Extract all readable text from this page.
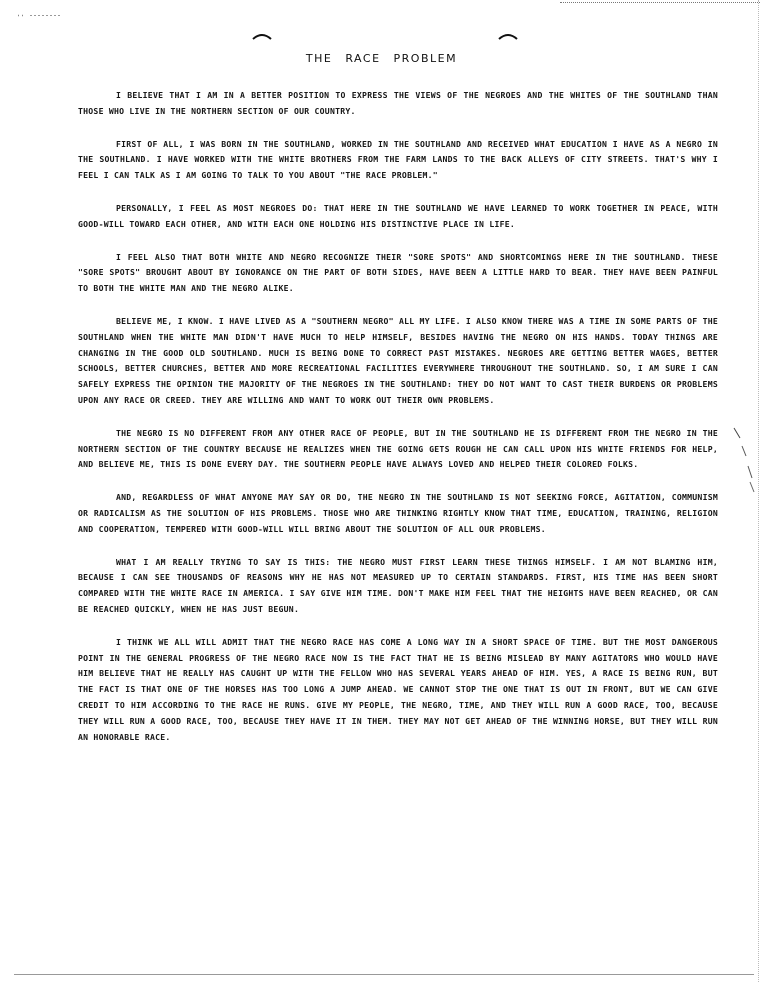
THE RACE PROBLEM

I BELIEVE THAT I AM IN A BETTER POSITION TO EXPRESS THE VIEWS OF THE NEGROES AND THE WHITES OF THE SOUTHLAND THAN THOSE WHO LIVE IN THE NORTHERN SECTION OF OUR COUNTRY.

FIRST OF ALL, I WAS BORN IN THE SOUTHLAND, WORKED IN THE SOUTHLAND AND RECEIVED WHAT EDUCATION I HAVE AS A NEGRO IN THE SOUTHLAND. I HAVE WORKED WITH THE WHITE BROTHERS FROM THE FARM LANDS TO THE BACK ALLEYS OF CITY STREETS. THAT'S WHY I FEEL I CAN TALK AS I AM GOING TO TALK TO YOU ABOUT "THE RACE PROBLEM."

PERSONALLY, I FEEL AS MOST NEGROES DO: THAT HERE IN THE SOUTHLAND WE HAVE LEARNED TO WORK TOGETHER IN PEACE, WITH GOOD-WILL TOWARD EACH OTHER, AND WITH EACH ONE HOLDING HIS DISTINCTIVE PLACE IN LIFE.

I FEEL ALSO THAT BOTH WHITE AND NEGRO RECOGNIZE THEIR "SORE SPOTS" AND SHORTCOMINGS HERE IN THE SOUTHLAND. THESE "SORE SPOTS" BROUGHT ABOUT BY IGNORANCE ON THE PART OF BOTH SIDES, HAVE BEEN A LITTLE HARD TO BEAR. THEY HAVE BEEN PAINFUL TO BOTH THE WHITE MAN AND THE NEGRO ALIKE.

BELIEVE ME, I KNOW. I HAVE LIVED AS A "SOUTHERN NEGRO" ALL MY LIFE. I ALSO KNOW THERE WAS A TIME IN SOME PARTS OF THE SOUTHLAND WHEN THE WHITE MAN DIDN'T HAVE MUCH TO HELP HIMSELF, BESIDES HAVING THE NEGRO ON HIS HANDS. TODAY THINGS ARE CHANGING IN THE GOOD OLD SOUTHLAND. MUCH IS BEING DONE TO CORRECT PAST MISTAKES. NEGROES ARE GETTING BETTER WAGES, BETTER SCHOOLS, BETTER CHURCHES, BETTER AND MORE RECREATIONAL FACILITIES EVERYWHERE THROUGHOUT THE SOUTHLAND. SO, I AM SURE I CAN SAFELY EXPRESS THE OPINION THE MAJORITY OF THE NEGROES IN THE SOUTHLAND: THEY DO NOT WANT TO CAST THEIR BURDENS OR PROBLEMS UPON ANY RACE OR CREED. THEY ARE WILLING AND WANT TO WORK OUT THEIR OWN PROBLEMS.

THE NEGRO IS NO DIFFERENT FROM ANY OTHER RACE OF PEOPLE, BUT IN THE SOUTHLAND HE IS DIFFERENT FROM THE NEGRO IN THE NORTHERN SECTION OF THE COUNTRY BECAUSE HE REALIZES WHEN THE GOING GETS ROUGH HE CAN CALL UPON HIS WHITE FRIENDS FOR HELP, AND BELIEVE ME, THIS IS DONE EVERY DAY. THE SOUTHERN PEOPLE HAVE ALWAYS LOVED AND HELPED THEIR COLORED FOLKS.

AND, REGARDLESS OF WHAT ANYONE MAY SAY OR DO, THE NEGRO IN THE SOUTHLAND IS NOT SEEKING FORCE, AGITATION, COMMUNISM OR RADICALISM AS THE SOLUTION OF HIS PROBLEMS. THOSE WHO ARE THINKING RIGHTLY KNOW THAT TIME, EDUCATION, TRAINING, RELIGION AND COOPERATION, TEMPERED WITH GOOD-WILL WILL BRING ABOUT THE SOLUTION OF ALL OUR PROBLEMS.

WHAT I AM REALLY TRYING TO SAY IS THIS: THE NEGRO MUST FIRST LEARN THESE THINGS HIMSELF. I AM NOT BLAMING HIM, BECAUSE I CAN SEE THOUSANDS OF REASONS WHY HE HAS NOT MEASURED UP TO CERTAIN STANDARDS. FIRST, HIS TIME HAS BEEN SHORT COMPARED WITH THE WHITE RACE IN AMERICA. I SAY GIVE HIM TIME. DON'T MAKE HIM FEEL THAT THE HEIGHTS HAVE BEEN REACHED, OR CAN BE REACHED QUICKLY, WHEN HE HAS JUST BEGUN.

I THINK WE ALL WILL ADMIT THAT THE NEGRO RACE HAS COME A LONG WAY IN A SHORT SPACE OF TIME. BUT THE MOST DANGEROUS POINT IN THE GENERAL PROGRESS OF THE NEGRO RACE NOW IS THE FACT THAT HE IS BEING MISLEAD BY MANY AGITATORS WHO WOULD HAVE HIM BELIEVE THAT HE REALLY HAS CAUGHT UP WITH THE FELLOW WHO HAS SEVERAL YEARS AHEAD OF HIM. YES, A RACE IS BEING RUN, BUT THE FACT IS THAT ONE OF THE HORSES HAS TOO LONG A JUMP AHEAD. WE CANNOT STOP THE ONE THAT IS OUT IN FRONT, BUT WE CAN GIVE CREDIT TO HIM ACCORDING TO THE RACE HE RUNS. GIVE MY PEOPLE, THE NEGRO, TIME, AND THEY WILL RUN A GOOD RACE, TOO, BECAUSE THEY WILL RUN A GOOD RACE, TOO, BECAUSE THEY HAVE IT IN THEM. THEY MAY NOT GET AHEAD OF THE WINNING HORSE, BUT THEY WILL RUN AN HONORABLE RACE.
